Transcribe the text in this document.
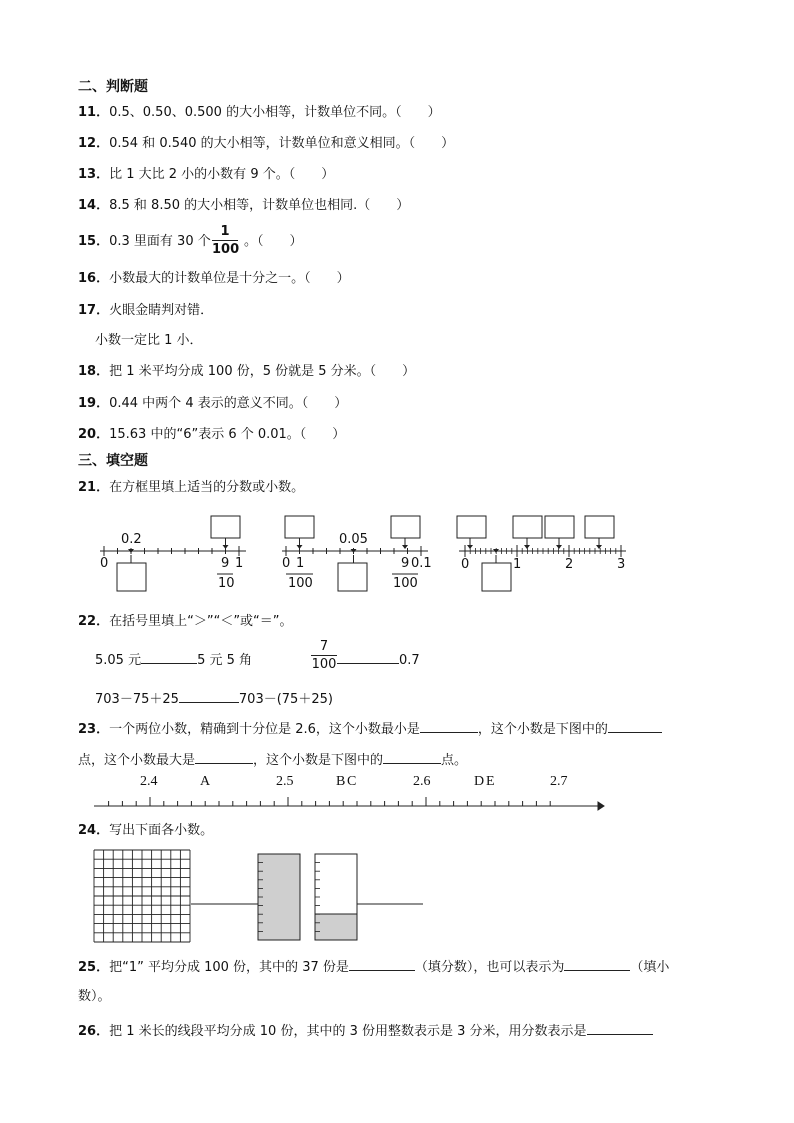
二、判断题
11．0.5、0.50、0.500 的大小相等，计数单位不同。（　　）
12．0.54 和 0.540 的大小相等，计数单位和意义相同。（　　）
13．比 1 大比 2 小的小数有 9 个。（　　）
14．8.5 和 8.50 的大小相等，计数单位也相同.（　　）
15．0.3 里面有 30 个
1
100
。（　　）
16．小数最大的计数单位是十分之一。（　　）
17．火眼金睛判对错．
小数一定比 1 小．
18．把 1 米平均分成 100 份，5 份就是 5 分米。（　　）
19．0.44 中两个 4 表示的意义不同。（　　）
20．15.63 中的“6”表示 6 个 0.01。（　　）
三、填空题
21．在方框里填上适当的分数或小数。
0.2
0	1
9
10
0.05
0 1
100
9
100
0.1 0	1	2	3
22．在括号里填上“＞”“＜”或“＝”。
5.05 元	5 元 5 角
7
100	0.7
703－75＋25	703－(75＋25)
23．一个两位小数，精确到十分位是 2.6，这个小数最小是	，这个小数是下图中的
点，这个小数最大是	，这个小数是下图中的	点。
2.4	A	2.5	B C	2.6	D E	2.7
24．写出下面各小数。
25．把“1” 平均分成 100 份，其中的 37 份是	（填分数），也可以表示为	（填小
数）。
26．把 1 米长的线段平均分成 10 份，其中的 3 份用整数表示是 3 分米，用分数表示是
